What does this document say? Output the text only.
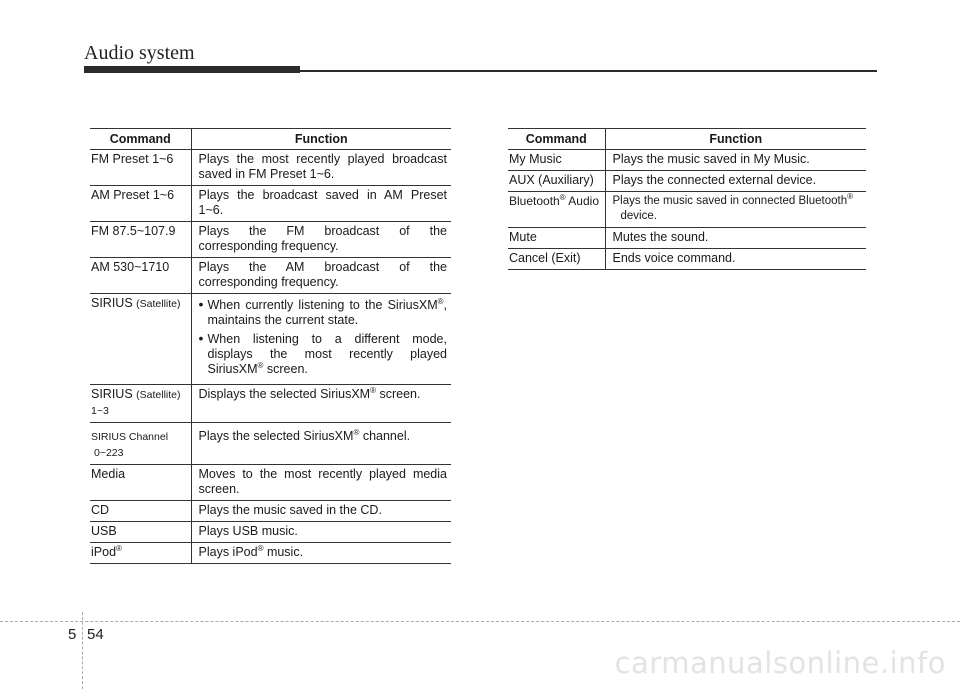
Audio system
Command	Function
FM Preset 1~6	Plays the most recently played broadcast saved in FM Preset 1~6.
AM Preset 1~6	Plays the broadcast saved in AM Preset 1~6.
FM 87.5~107.9	Plays the FM broadcast of the corresponding frequency.
AM 530~1710	Plays the AM broadcast of the corresponding frequency.
SIRIUS (Satellite)	• When currently listening to the SiriusXM®, maintains the current state.
• When listening to a different mode, displays the most recently played SiriusXM® screen.

SIRIUS (Satellite)
1~3	Displays the selected SiriusXM® screen.
SIRIUS Channel
0~223	Plays the selected SiriusXM® channel.
Media	Moves to the most recently played media screen.
CD	Plays the music saved in the CD.
USB	Plays USB music.
iPod®	Plays iPod® music.
Command	Function
My Music	Plays the music saved in My Music.
AUX (Auxiliary)	Plays the connected external device.
Bluetooth® Audio	Plays the music saved in connected Bluetooth®
device.
Mute	Mutes the sound.
Cancel (Exit)	Ends voice command.
5 54
carmanualsonline.info
